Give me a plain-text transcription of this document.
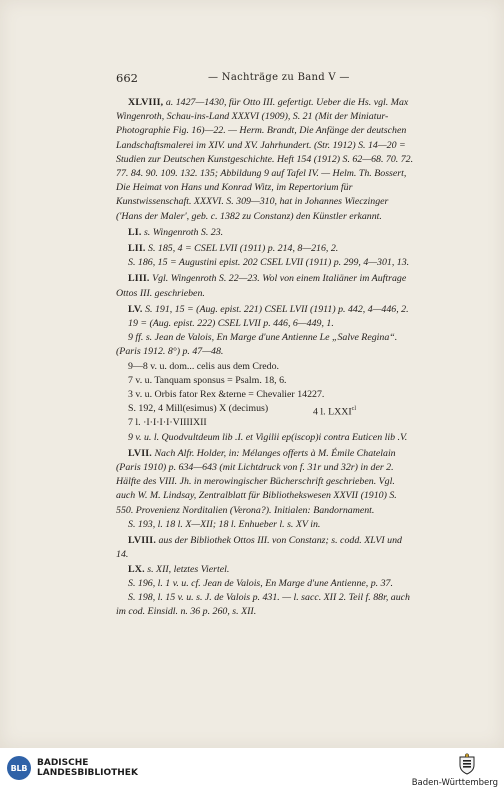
662	— Nachträge zu Band V —

XLVIII, a. 1427—1430, für Otto III. gefertigt. Ueber die Hs. vgl. Max Wingenroth, Schau-ins-Land XXXVI (1909), S. 21 (Mit der Miniatur-Photographie Fig. 16)—22. — Herm. Brandt, Die Anfänge der deutschen Landschaftsmalerei im XIV. und XV. Jahrhundert. (Str. 1912) S. 14—20 = Studien zur Deutschen Kunstgeschichte. Heft 154 (1912) S. 62—68. 70. 72. 77. 84. 90. 109. 132. 135; Abbildung 9 auf Tafel IV. — Helm. Th. Bossert, Die Heimat von Hans und Konrad Witz, im Repertorium für Kunstwissenschaft. XXXVI. S. 309—310, hat in Johannes Wieczinger ('Hans der Maler', geb. c. 1382 zu Constanz) den Künstler erkannt.

LI. s. Wingenroth S. 23.

LII. S. 185, 4 = CSEL LVII (1911) p. 214, 8—216, 2.

S. 186, 15 = Augustini epist. 202 CSEL LVII (1911) p. 299, 4—301, 13.

LIII. Vgl. Wingenroth S. 22—23. Wol von einem Italiäner im Auftrage Ottos III. geschrieben.

LV. S. 191, 15 = (Aug. epist. 221) CSEL LVII (1911) p. 442, 4—446, 2.

19 = (Aug. epist. 222) CSEL LVII p. 446, 6—449, 1.

9 ff. s. Jean de Valois, En Marge d'une Antienne Le „Salve Regina“. (Paris 1912. 8°) p. 47—48.

9—8 v. u. dom... celis aus dem Credo.

7 v. u. Tanquam sponsus = Psalm. 18, 6.

3 v. u. Orbis fator Rex &terne = Chevalier 14227.

4 l. $LXXI^{cl}$
S. 192, 4 Mill(esimus) X (decimus)

7 l. ·I·I·I·I·VIIIIXII

9 v. u. l. Quodvultdeum lib .I. et Vigilii ep(iscop)i contra Euticen lib .V.

LVII. Nach Alfr. Holder, in: Mélanges offerts à M. Émile Chatelain (Paris 1910) p. 634—643 (mit Lichtdruck von f. 31r und 32r) in der 2. Hälfte des VIII. Jh. in merowingischer Bücherschrift geschrieben. Vgl. auch W. M. Lindsay, Zentralblatt für Bibliothekswesen XXVII (1910) S. 550. Provenienz Norditalien (Verona?). Initialen: Bandornament.

S. 193, l. 18 l. X—XII; 18 l. Enhueber l. s. XV in.

LVIII. aus der Bibliothek Ottos III. von Constanz; s. codd. XLVI und 14.

LX. s. XII, letztes Viertel.

S. 196, l. 1 v. u. cf. Jean de Valois, En Marge d'une Antienne, p. 37.

S. 198, l. 15 v. u. s. J. de Valois p. 431. — l. sacc. XII 2. Teil f. 88r, auch im cod. Einsidl. n. 36 p. 260, s. XII.

BLB	BADISCHE
LANDESBIBLIOTHEK
Baden-Württemberg
